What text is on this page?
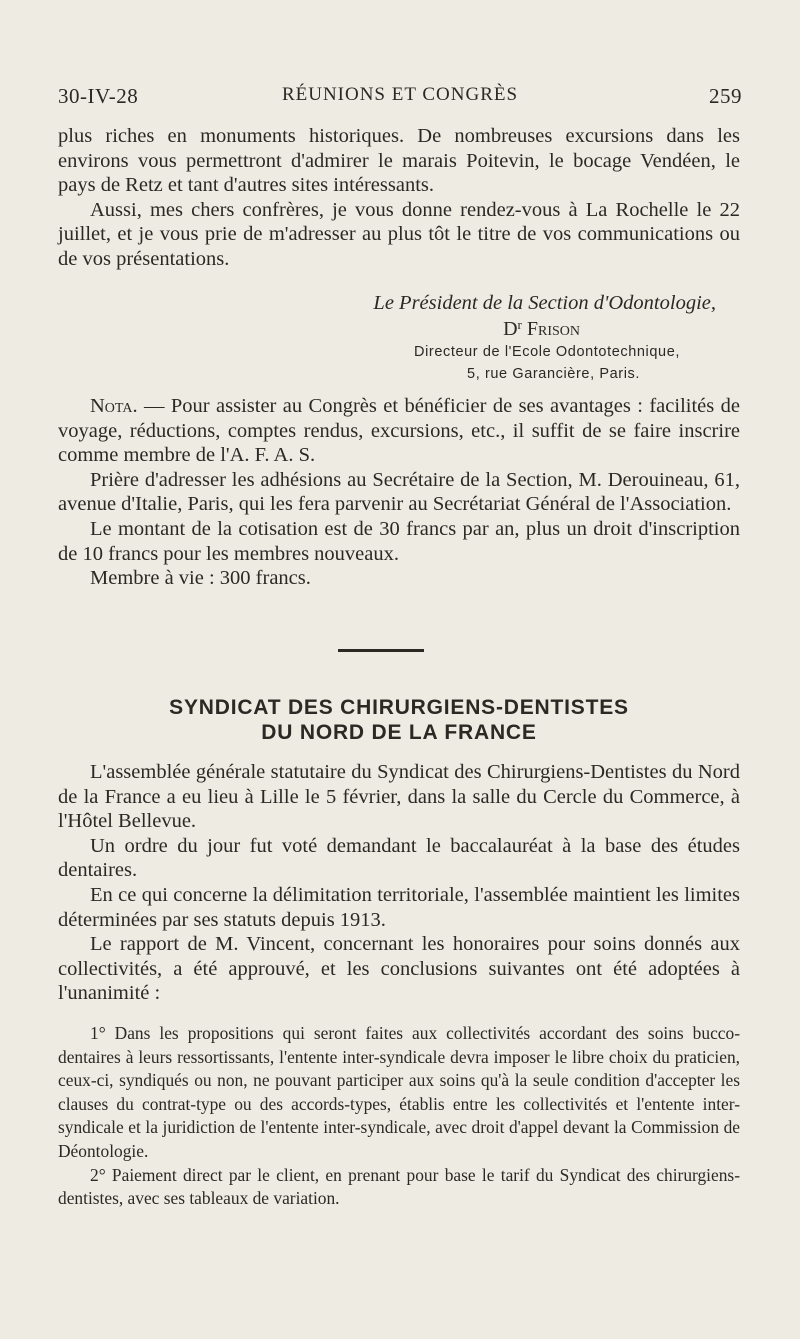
30-IV-28	RÉUNIONS ET CONGRÈS	259

plus riches en monuments historiques. De nombreuses excursions dans les environs vous permettront d'admirer le marais Poitevin, le bocage Vendéen, le pays de Retz et tant d'autres sites intéressants.

Aussi, mes chers confrères, je vous donne rendez-vous à La Rochelle le 22 juillet, et je vous prie de m'adresser au plus tôt le titre de vos communications ou de vos présentations.

Le Président de la Section d'Odontologie,
$D^r$ Frison
Directeur de l'Ecole Odontotechnique,
5, rue Garancière, Paris.

Nota. — Pour assister au Congrès et bénéficier de ses avantages : facilités de voyage, réductions, comptes rendus, excursions, etc., il suffit de se faire inscrire comme membre de l'A. F. A. S.

Prière d'adresser les adhésions au Secrétaire de la Section, M. Derouineau, 61, avenue d'Italie, Paris, qui les fera parvenir au Secrétariat Général de l'Association.

Le montant de la cotisation est de 30 francs par an, plus un droit d'inscription de 10 francs pour les membres nouveaux.

Membre à vie : 300 francs.

SYNDICAT DES CHIRURGIENS-DENTISTES
DU NORD DE LA FRANCE

L'assemblée générale statutaire du Syndicat des Chirurgiens-Dentistes du Nord de la France a eu lieu à Lille le 5 février, dans la salle du Cercle du Commerce, à l'Hôtel Bellevue.

Un ordre du jour fut voté demandant le baccalauréat à la base des études dentaires.

En ce qui concerne la délimitation territoriale, l'assemblée maintient les limites déterminées par ses statuts depuis 1913.

Le rapport de M. Vincent, concernant les honoraires pour soins donnés aux collectivités, a été approuvé, et les conclusions suivantes ont été adoptées à l'unanimité :

1° Dans les propositions qui seront faites aux collectivités accordant des soins bucco-dentaires à leurs ressortissants, l'entente inter-syndicale devra imposer le libre choix du praticien, ceux-ci, syndiqués ou non, ne pouvant participer aux soins qu'à la seule condition d'accepter les clauses du contrat-type ou des accords-types, établis entre les collectivités et l'entente inter-syndicale et la juridiction de l'entente inter-syndicale, avec droit d'appel devant la Commission de Déontologie.

2° Paiement direct par le client, en prenant pour base le tarif du Syndicat des chirurgiens-dentistes, avec ses tableaux de variation.
